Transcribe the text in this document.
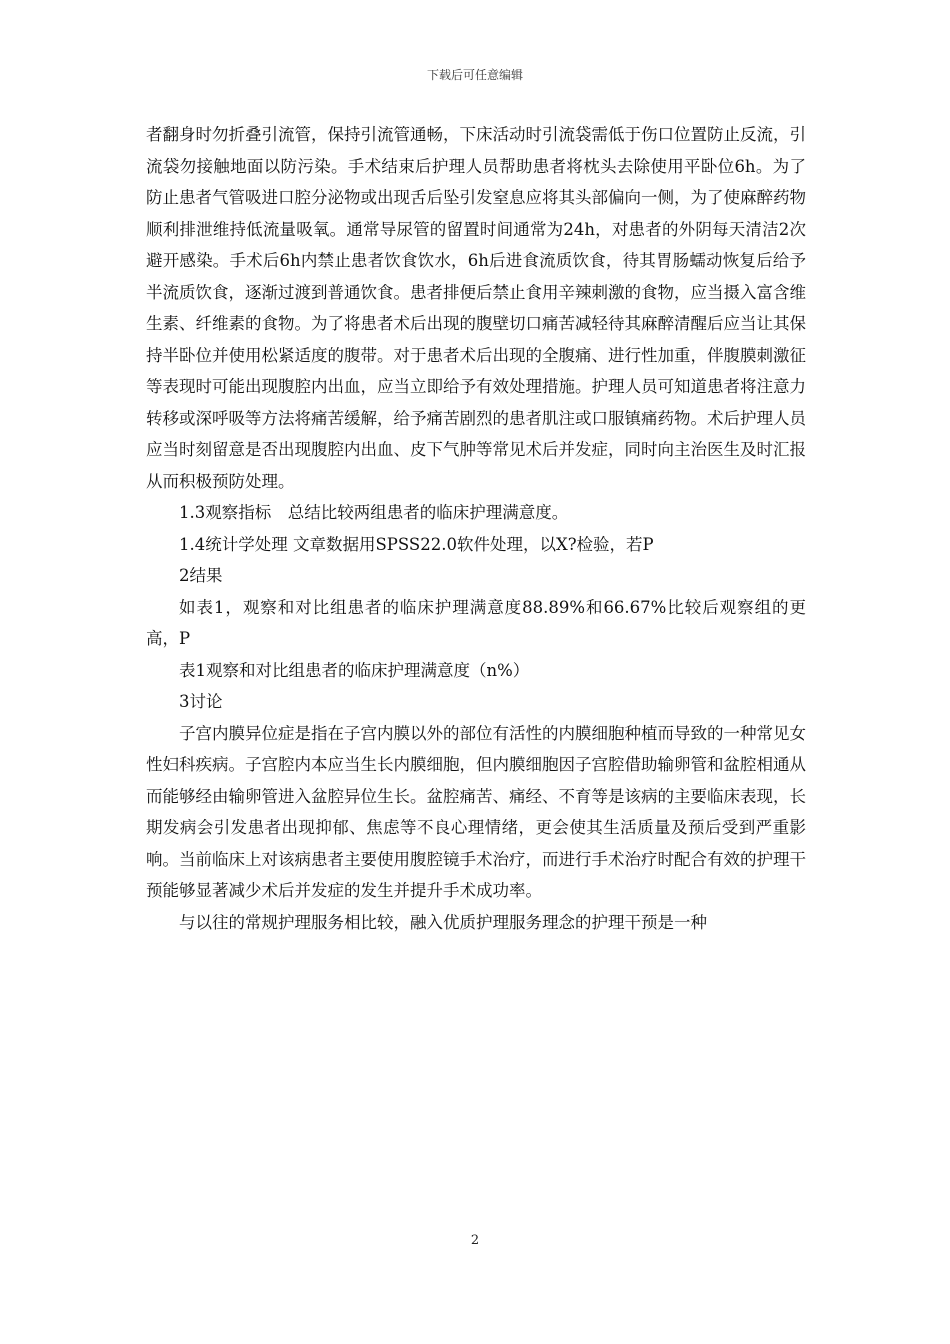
下载后可任意编辑

者翻身时勿折叠引流管，保持引流管通畅，下床活动时引流袋需低于伤口位置防止反流，引流袋勿接触地面以防污染。手术结束后护理人员帮助患者将枕头去除使用平卧位6h。为了防止患者气管吸进口腔分泌物或出现舌后坠引发窒息应将其头部偏向一侧，为了使麻醉药物顺利排泄维持低流量吸氧。通常导尿管的留置时间通常为24h，对患者的外阴每天清洁2次避开感染。手术后6h内禁止患者饮食饮水，6h后进食流质饮食，待其胃肠蠕动恢复后给予半流质饮食，逐渐过渡到普通饮食。患者排便后禁止食用辛辣刺激的食物，应当摄入富含维生素、纤维素的食物。为了将患者术后出现的腹壁切口痛苦减轻待其麻醉清醒后应当让其保持半卧位并使用松紧适度的腹带。对于患者术后出现的全腹痛、进行性加重，伴腹膜刺激征等表现时可能出现腹腔内出血，应当立即给予有效处理措施。护理人员可知道患者将注意力转移或深呼吸等方法将痛苦缓解，给予痛苦剧烈的患者肌注或口服镇痛药物。术后护理人员应当时刻留意是否出现腹腔内出血、皮下气肿等常见术后并发症，同时向主治医生及时汇报从而积极预防处理。

1.3观察指标 总结比较两组患者的临床护理满意度。

1.4统计学处理 文章数据用SPSS22.0软件处理，以X?检验，若P

2结果

如表1，观察和对比组患者的临床护理满意度88.89%和66.67%比较后观察组的更高，P

表1观察和对比组患者的临床护理满意度（n%）

3讨论

子宫内膜异位症是指在子宫内膜以外的部位有活性的内膜细胞种植而导致的一种常见女性妇科疾病。子宫腔内本应当生长内膜细胞，但内膜细胞因子宫腔借助输卵管和盆腔相通从而能够经由输卵管进入盆腔异位生长。盆腔痛苦、痛经、不育等是该病的主要临床表现，长期发病会引发患者出现抑郁、焦虑等不良心理情绪，更会使其生活质量及预后受到严重影响。当前临床上对该病患者主要使用腹腔镜手术治疗，而进行手术治疗时配合有效的护理干预能够显著减少术后并发症的发生并提升手术成功率。

与以往的常规护理服务相比较，融入优质护理服务理念的护理干预是一种

2
